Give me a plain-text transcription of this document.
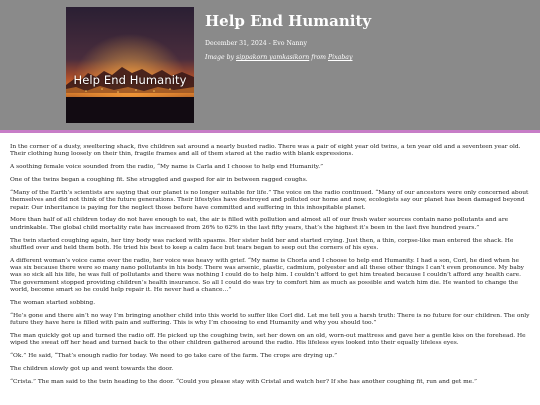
Help End Humanity
Help End Humanity
December 31, 2024 - Evo Nanny
Image by sippakorn yamkasikorn from Pixabay

In the corner of a dusty, sweltering shack, five children sat around a nearly busted radio. There was a pair of eight year old twins, a ten year old and a seventeen year old. Their clothing hung loosely on their thin, fragile frames and all of them stared at the radio with blank expressions.

A soothing female voice sounded from the radio, “My name is Carla and I choose to help end Humanity.”

One of the twins began a coughing fit. She struggled and gasped for air in between ragged coughs.

“Many of the Earth’s scientists are saying that our planet is no longer suitable for life.” The voice on the radio continued. “Many of our ancestors were only concerned about themselves and did not think of the future generations. Their lifestyles have destroyed and polluted our home and now, ecologists say our planet has been damaged beyond repair. Our inheritance is paying for the neglect those before have committed and suffering in this inhospitable planet.

More than half of all children today do not have enough to eat, the air is filled with pollution and almost all of our fresh water sources contain nano pollutants and are undrinkable. The global child mortality rate has increased from 26% to 62% in the last fifty years, that’s the highest it’s been in the last five hundred years.”

The twin started coughing again, her tiny body was racked with spasms. Her sister held her and started crying. Just then, a thin, corpse-like man entered the shack. He shuffled over and held them both. He tried his best to keep a calm face but tears began to seep out the corners of his eyes.

A different woman’s voice came over the radio, her voice was heavy with grief. “My name is Chorla and I choose to help end Humanity. I had a son, Corl, he died when he was six because there were so many nano pollutants in his body. There was arsenic, plastic, cadmium, polyester and all these other things I can’t even pronounce. My baby was so sick all his life, he was full of pollutants and there was nothing I could do to help him. I couldn’t afford to get him treated because I couldn’t afford any health care. The government stopped providing children’s health insurance. So all I could do was try to comfort him as much as possible and watch him die. He wanted to change the world, become smart so he could help repair it. He never had a chance…”

The woman started sobbing.

“He’s gone and there ain’t no way I’m bringing another child into this world to suffer like Corl did. Let me tell you a harsh truth: There is no future for our children. The only future they have here is filled with pain and suffering. This is why I’m choosing to end Humanity and why you should too.”

The man quickly got up and turned the radio off. He picked up the coughing twin, set her down on an old, worn-out mattress and gave her a gentle kiss on the forehead. He wiped the sweat off her head and turned back to the other children gathered around the radio. His lifeless eyes looked into their equally lifeless eyes.

“Ok.” He said, “That’s enough radio for today. We need to go take care of the farm. The crops are drying up.”

The children slowly got up and went towards the door.

“Crista.” The man said to the twin heading to the door. “Could you please stay with Cristal and watch her? If she has another coughing fit, run and get me.”
